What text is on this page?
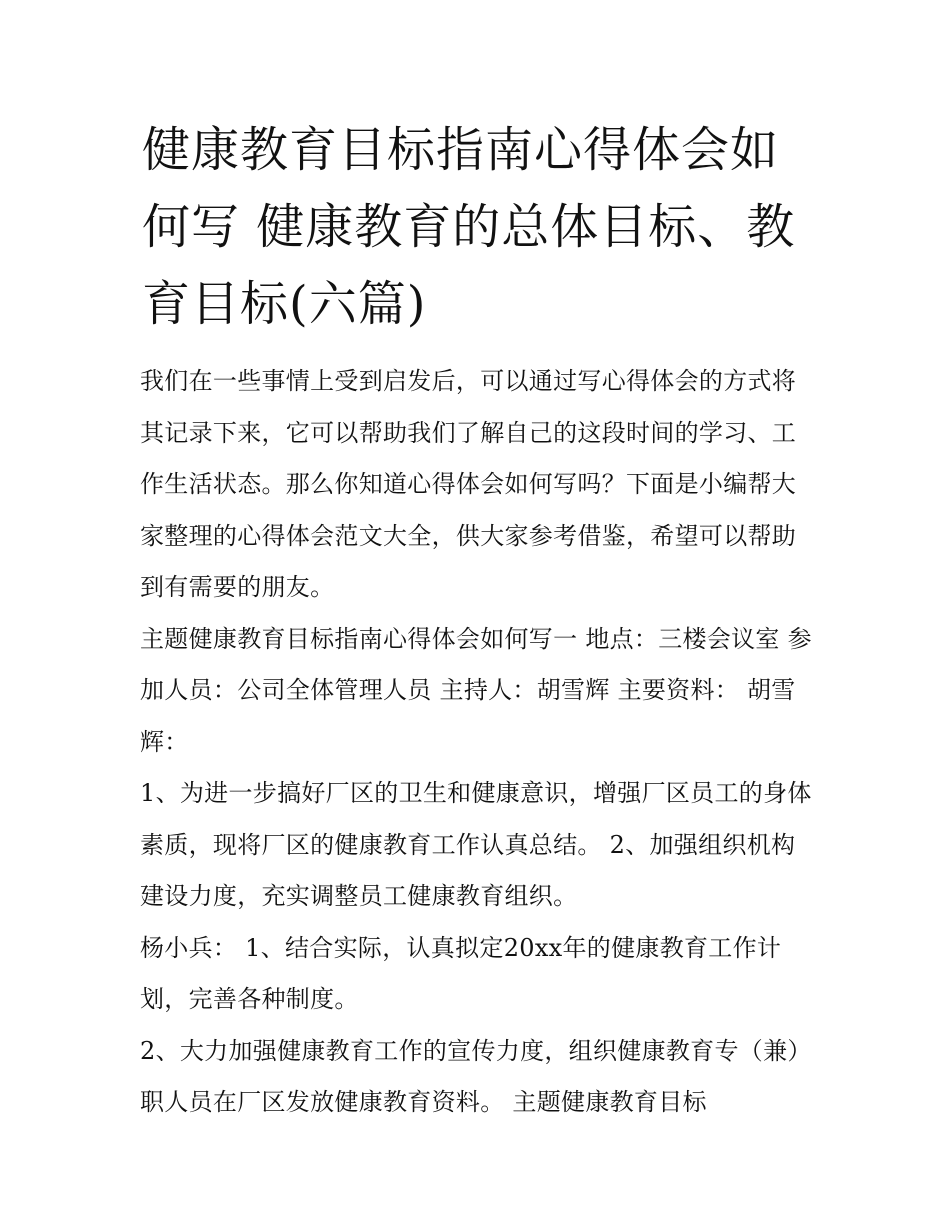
健康教育目标指南心得体会如何写 健康教育的总体目标、教育目标(六篇)

我们在一些事情上受到启发后，可以通过写心得体会的方式将其记录下来，它可以帮助我们了解自己的这段时间的学习、工作生活状态。那么你知道心得体会如何写吗？下面是小编帮大家整理的心得体会范文大全，供大家参考借鉴，希望可以帮助到有需要的朋友。

主题健康教育目标指南心得体会如何写一 地点：三楼会议室 参加人员：公司全体管理人员 主持人：胡雪辉 主要资料： 胡雪辉：

1、为进一步搞好厂区的卫生和健康意识，增强厂区员工的身体素质，现将厂区的健康教育工作认真总结。 2、加强组织机构建设力度，充实调整员工健康教育组织。

杨小兵： 1、结合实际，认真拟定20xx年的健康教育工作计划，完善各种制度。

2、大力加强健康教育工作的宣传力度，组织健康教育专（兼）职人员在厂区发放健康教育资料。 主题健康教育目标
